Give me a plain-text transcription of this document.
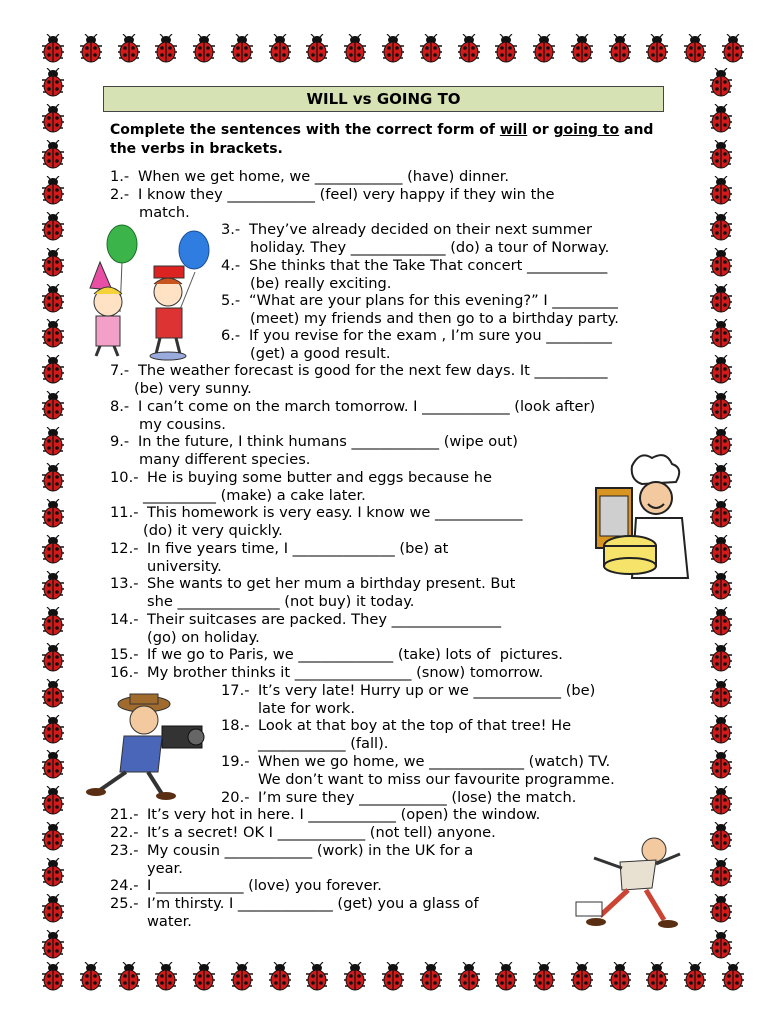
WILL vs GOING TO
Complete the sentences with the correct form of will or going to and the verbs in brackets.
1.- When we get home, we ____________ (have) dinner.
2.- I know they ____________ (feel) very happy if they win the
match.
3.- They’ve already decided on their next summer
holiday. They _____________ (do) a tour of Norway.
4.- She thinks that the Take That concert ___________
(be) really exciting.
5.- “What are your plans for this evening?” I _________
(meet) my friends and then go to a birthday party.
6.- If you revise for the exam , I’m sure you _________
(get) a good result.
7.- The weather forecast is good for the next few days. It __________
(be) very sunny.
8.- I can’t come on the march tomorrow. I ____________ (look after)
my cousins.
9.- In the future, I think humans ____________ (wipe out)
many different species.
10.- He is buying some butter and eggs because he
__________ (make) a cake later.
11.- This homework is very easy. I know we ____________
(do) it very quickly.
12.- In five years time, I ______________ (be) at
university.
13.- She wants to get her mum a birthday present. But
she ______________ (not buy) it today.
14.- Their suitcases are packed. They _______________
(go) on holiday.
15.- If we go to Paris, we _____________ (take) lots of  pictures.
16.- My brother thinks it ________________ (snow) tomorrow.
17.- It’s very late! Hurry up or we ____________ (be)
late for work.
18.- Look at that boy at the top of that tree! He
____________ (fall).
19.- When we go home, we _____________ (watch) TV.
We don’t want to miss our favourite programme.
20.- I’m sure they ____________ (lose) the match.
21.- It’s very hot in here. I ____________ (open) the window.
22.- It’s a secret! OK I ____________ (not tell) anyone.
23.- My cousin ____________ (work) in the UK for a
year.
24.- I ____________ (love) you forever.
25.- I’m thirsty. I _____________ (get) you a glass of
water.
